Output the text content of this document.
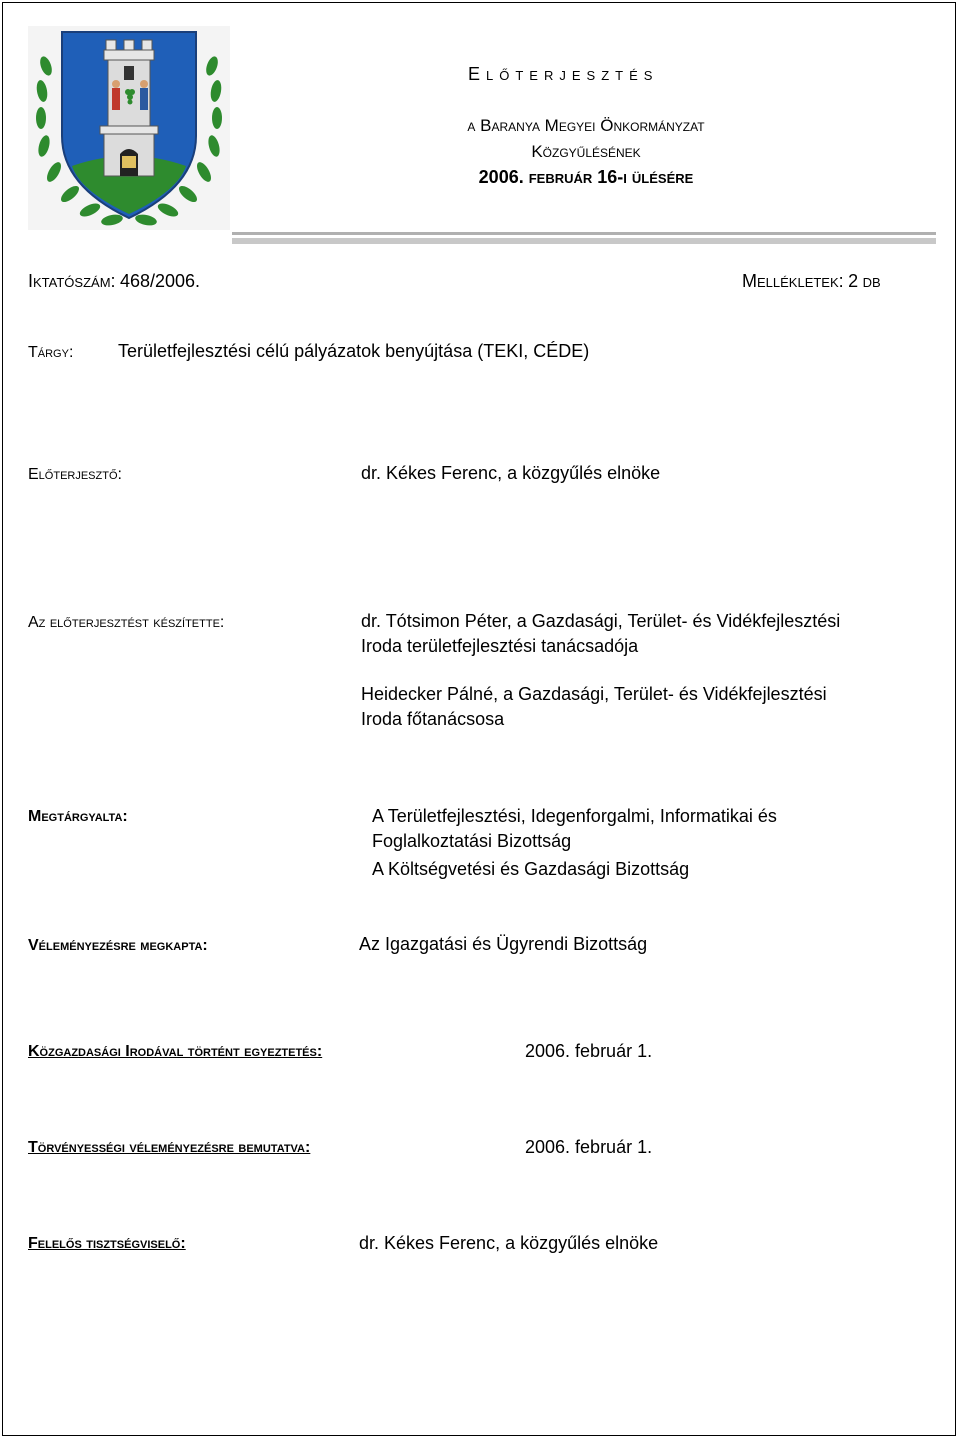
Előterjesztés
a Baranya Megyei Önkormányzat
Közgyűlésének
2006. február 16-i ülésére
Iktatószám: 468/2006.	Mellékletek: 2 db
Tárgy: Területfejlesztési célú pályázatok benyújtása (TEKI, CÉDE)
Előterjesztő:	dr. Kékes Ferenc, a közgyűlés elnöke
Az előterjesztést készítette:	dr. Tótsimon Péter, a Gazdasági, Terület- és Vidékfejlesztési
Iroda területfejlesztési tanácsadója
Heidecker Pálné, a Gazdasági, Terület- és Vidékfejlesztési
Iroda főtanácsosa
Megtárgyalta:	A Területfejlesztési, Idegenforgalmi, Informatikai és
Foglalkoztatási Bizottság
A Költségvetési és Gazdasági Bizottság
Véleményezésre megkapta:	Az Igazgatási és Ügyrendi Bizottság
Közgazdasági Irodával történt egyeztetés:	2006. február 1.
Törvényességi véleményezésre bemutatva:	2006. február 1.
Felelős tisztségviselő:	dr. Kékes Ferenc, a közgyűlés elnöke
